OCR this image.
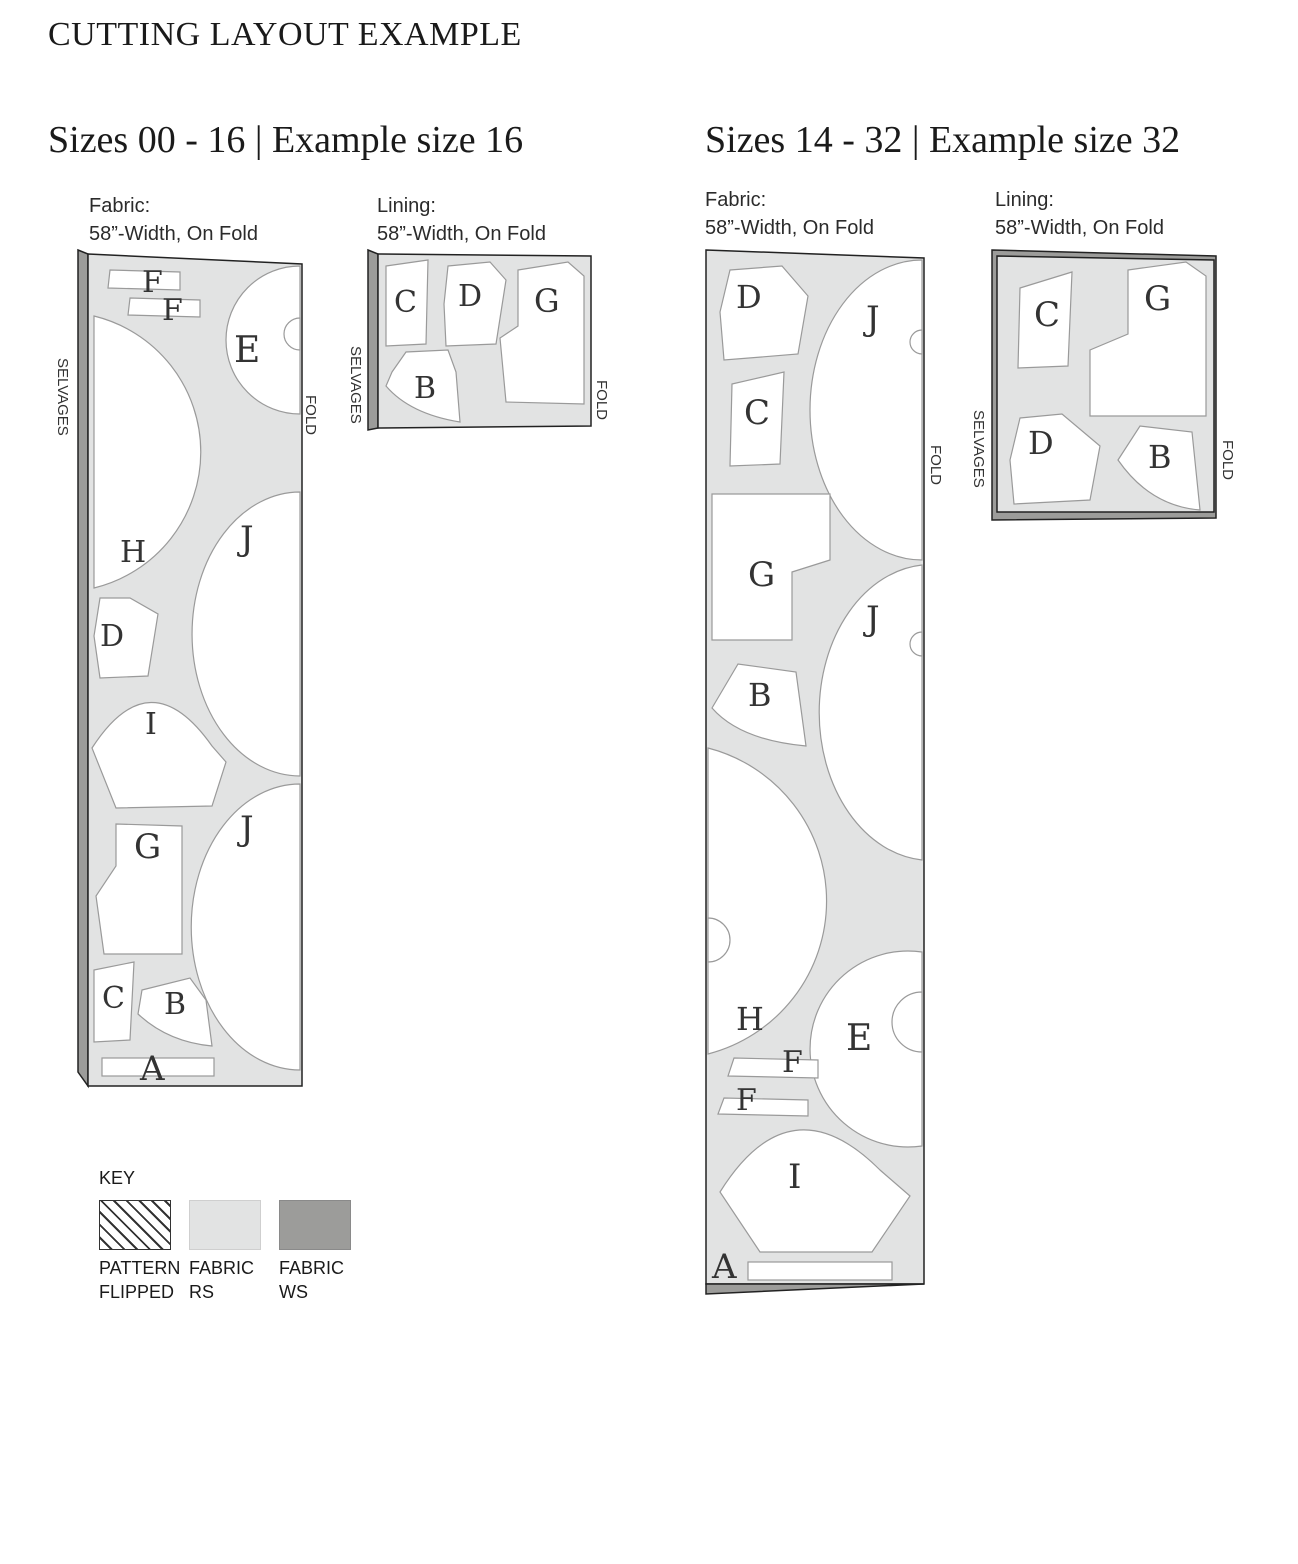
CUTTING LAYOUT EXAMPLE
Sizes 00 - 16 | Example size 16
Fabric:
58”-Width, On Fold
Lining:
58”-Width, On Fold
F
F
E
H	J
D
I
J
G
C B
A
SELVAGES	FOLD
C D G
B
SELVAGES	FOLD
KEY
PATTERN
FLIPPED
FABRIC
RS
FABRIC
WS
Sizes 14 - 32 | Example size 32
Fabric:
58”-Width, On Fold
Lining:
58”-Width, On Fold
D
J
C
G
J
B
H E
F
F
I
A
FOLD
C G
D	B
SELVAGES	FOLD
